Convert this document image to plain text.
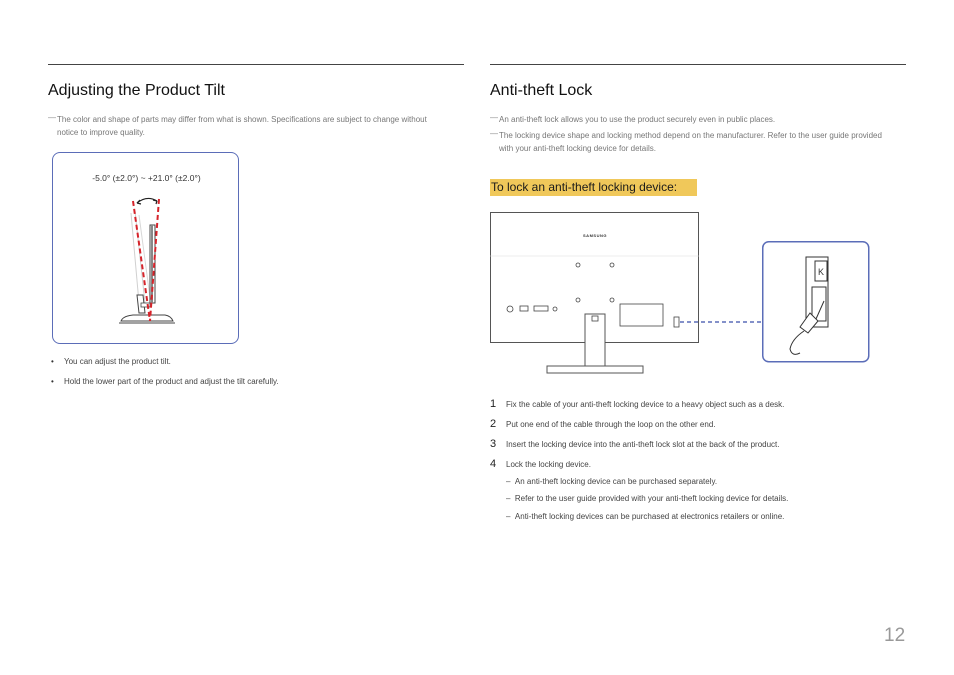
Adjusting the Product Tilt
— The color and shape of parts may differ from what is shown. Specifications are subject to change without
notice to improve quality.
-5.0° (±2.0°) ~ +21.0° (±2.0°)
• You can adjust the product tilt.
• Hold the lower part of the product and adjust the tilt carefully.
Anti-theft Lock
— An anti-theft lock allows you to use the product securely even in public places.
— The locking device shape and locking method depend on the manufacturer. Refer to the user guide provided
with your anti-theft locking device for details.
To lock an anti-theft locking device:
SAMSUNG
K
1 Fix the cable of your anti-theft locking device to a heavy object such as a desk.
2 Put one end of the cable through the loop on the other end.
3 Insert the locking device into the anti-theft lock slot at the back of the product.
4 Lock the locking device.
–  An anti-theft locking device can be purchased separately.
–  Refer to the user guide provided with your anti-theft locking device for details.
–  Anti-theft locking devices can be purchased at electronics retailers or online.
12
